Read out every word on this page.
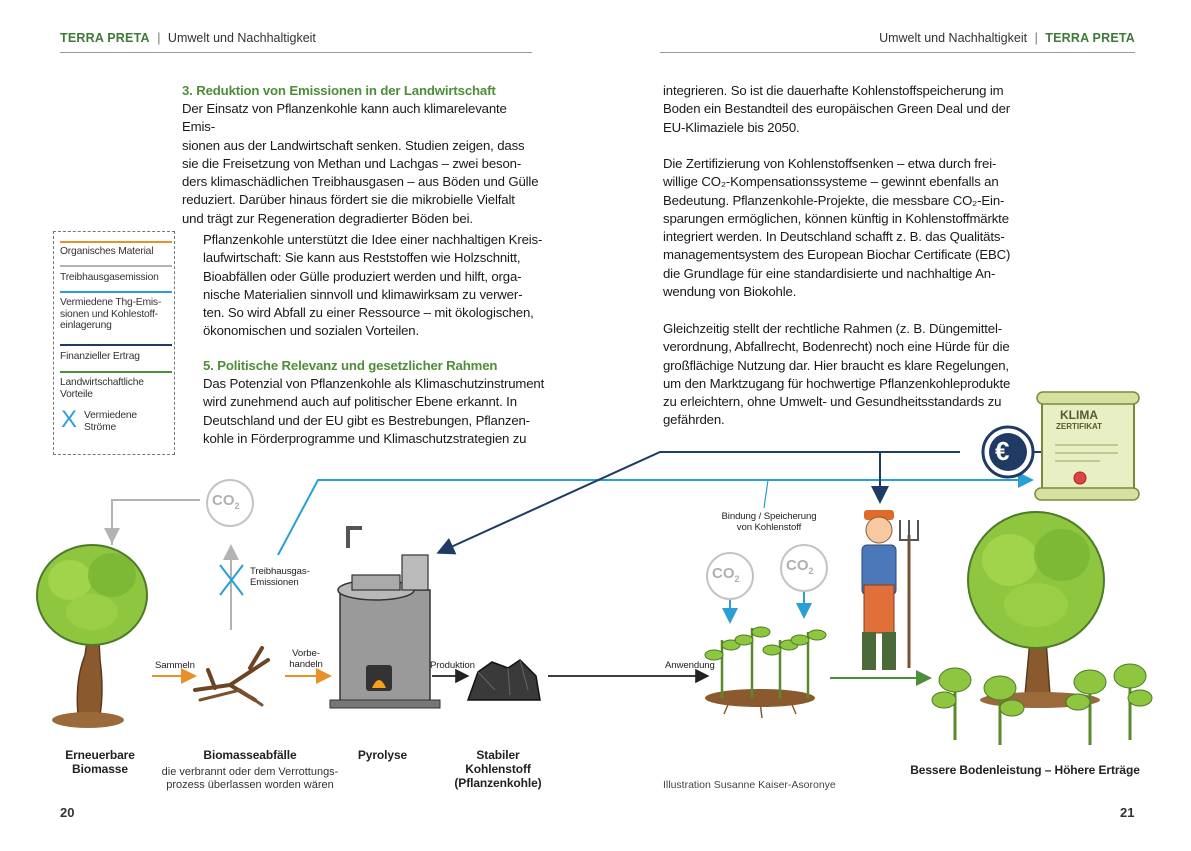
TERRA PRETA | Umwelt und Nachhaltigkeit	Umwelt und Nachhaltigkeit | TERRA PRETA
3. Reduktion von Emissionen in der Landwirtschaft

Der Einsatz von Pflanzenkohle kann auch klimarelevante Emis-

sionen aus der Landwirtschaft senken. Studien zeigen, dass

sie die Freisetzung von Methan und Lachgas – zwei beson-

ders klimaschädlichen Treibhausgasen – aus Böden und Gülle

reduziert. Darüber hinaus fördert sie die mikrobielle Vielfalt

und trägt zur Regeneration degradierter Böden bei.

Pflanzenkohle unterstützt die Idee einer nachhaltigen Kreis-

laufwirtschaft: Sie kann aus Reststoffen wie Holzschnitt,

Bioabfällen oder Gülle produziert werden und hilft, orga-

nische Materialien sinnvoll und klimawirksam zu verwer-

ten. So wird Abfall zu einer Ressource – mit ökologischen,

ökonomischen und sozialen Vorteilen.

5. Politische Relevanz und gesetzlicher Rahmen

Das Potenzial von Pflanzenkohle als Klimaschutzinstrument

wird zunehmend auch auf politischer Ebene erkannt. In

Deutschland und der EU gibt es Bestrebungen, Pflanzen-

kohle in Förderprogramme und Klimaschutzstrategien zu

integrieren. So ist die dauerhafte Kohlenstoffspeicherung im

Boden ein Bestandteil des europäischen Green Deal und der

EU-Klimaziele bis 2050.

Die Zertifizierung von Kohlenstoffsenken – etwa durch frei-

willige CO₂-Kompensationssysteme – gewinnt ebenfalls an

Bedeutung. Pflanzenkohle-Projekte, die messbare CO₂-Ein-

sparungen ermöglichen, können künftig in Kohlenstoffmärkte

integriert werden. In Deutschland schafft z. B. das Qualitäts-

managementsystem des European Biochar Certificate (EBC)

die Grundlage für eine standardisierte und nachhaltige An-

wendung von Biokohle.

Gleichzeitig stellt der rechtliche Rahmen (z. B. Düngemittel-

verordnung, Abfallrecht, Bodenrecht) noch eine Hürde für die

großflächige Nutzung dar. Hier braucht es klare Regelungen,

um den Marktzugang für hochwertige Pflanzenkohleprodukte

zu erleichtern, ohne Umwelt- und Gesundheitsstandards zu

gefährden.

Organisches Material
Treibhausgasemission
Vermiedene Thg-Emis-
sionen und Kohlestoff-
einlagerung
Finanzieller Ertrag
Landwirtschaftliche
Vorteile
X Vermiedene
Ströme
$CO_2$
$CO_2$
$CO_2$
€
KLIMA
ZERTIFIKAT
Sammeln
Vorbe-
handeln	Produktion	Anwendung
Treibhausgas-
Emissionen
Bindung / Speicherung
von Kohlenstoff
Erneuerbare
Biomasse
Biomasseabfälle
die verbrannt oder dem Verrottungs-
prozess überlassen worden wären
Pyrolyse	Stabiler
Kohlenstoff
(Pflanzenkohle)
Bessere Bodenleistung – Höhere Erträge
Illustration Susanne Kaiser-Asoronye
20	21
